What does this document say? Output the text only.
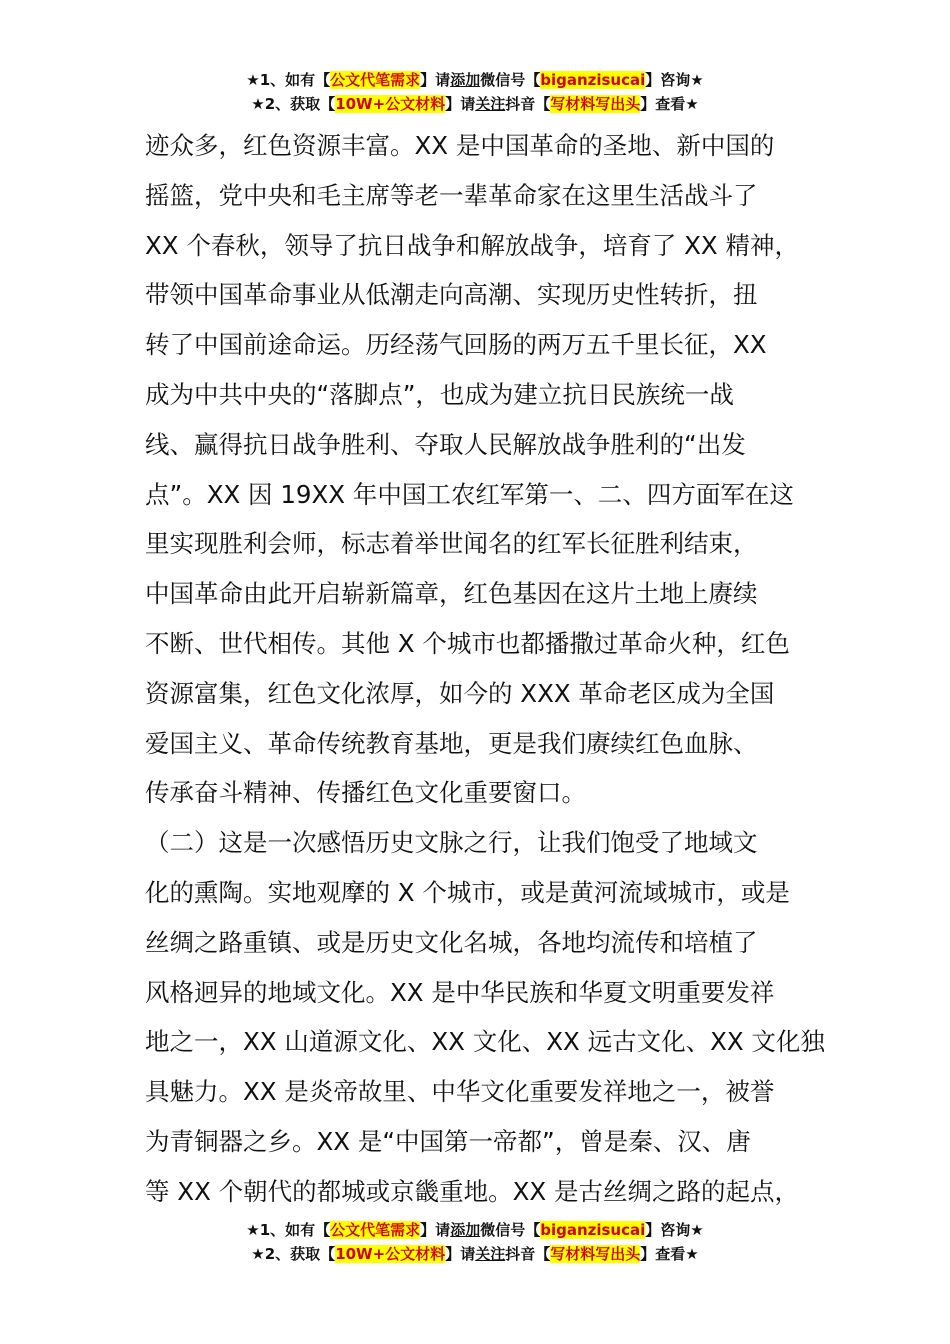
★1、如有【公文代笔需求】请添加微信号【biganzisucai】咨询★
★2、获取【10W+公文材料】请关注抖音【写材料写出头】查看★
迹众多，红色资源丰富。XX 是中国革命的圣地、新中国的
摇篮，党中央和毛主席等老一辈革命家在这里生活战斗了
XX 个春秋，领导了抗日战争和解放战争，培育了 XX 精神，
带领中国革命事业从低潮走向高潮、实现历史性转折，扭
转了中国前途命运。历经荡气回肠的两万五千里长征，XX
成为中共中央的“落脚点”，也成为建立抗日民族统一战
线、赢得抗日战争胜利、夺取人民解放战争胜利的“出发
点”。XX 因 19XX 年中国工农红军第一、二、四方面军在这
里实现胜利会师，标志着举世闻名的红军长征胜利结束，
中国革命由此开启崭新篇章，红色基因在这片土地上赓续
不断、世代相传。其他 X 个城市也都播撒过革命火种，红色
资源富集，红色文化浓厚，如今的 XXX 革命老区成为全国
爱国主义、革命传统教育基地，更是我们赓续红色血脉、
传承奋斗精神、传播红色文化重要窗口。
（二）这是一次感悟历史文脉之行，让我们饱受了地域文
化的熏陶。实地观摩的 X 个城市，或是黄河流域城市，或是
丝绸之路重镇、或是历史文化名城，各地均流传和培植了
风格迥异的地域文化。XX 是中华民族和华夏文明重要发祥
地之一，XX 山道源文化、XX 文化、XX 远古文化、XX 文化独
具魅力。XX 是炎帝故里、中华文化重要发祥地之一，被誉
为青铜器之乡。XX 是“中国第一帝都”，曾是秦、汉、唐
等 XX 个朝代的都城或京畿重地。XX 是古丝绸之路的起点，
★1、如有【公文代笔需求】请添加微信号【biganzisucai】咨询★
★2、获取【10W+公文材料】请关注抖音【写材料写出头】查看★
